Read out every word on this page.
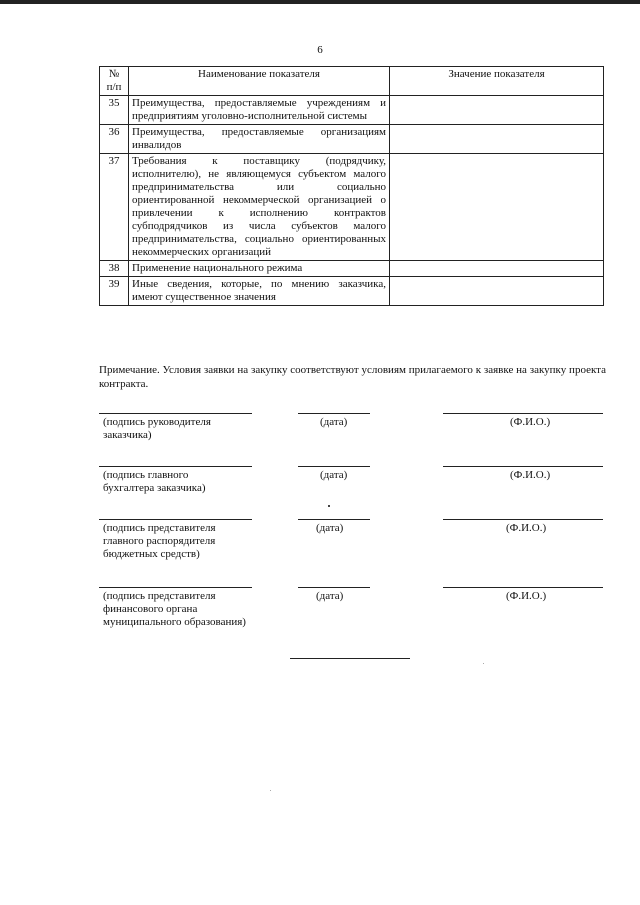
6
№ п/п	Наименование показателя	Значение показателя
35	Преимущества, предоставляемые учреждениям и предприятиям уголовно-исполнительной системы	
36	Преимущества, предоставляемые организациям инвалидов	
37	Требования к поставщику (подрядчику, исполнителю), не являющемуся субъектом малого предпринимательства или социально ориентированной некоммерческой организацией о привлечении к исполнению контрактов субподрядчиков из числа субъектов малого предпринимательства, социально ориентированных некоммерческих организаций	
38	Применение национального режима	
39	Иные сведения, которые, по мнению заказчика, имеют существенное значения	
Примечание. Условия заявки на закупку соответствуют условиям прилагаемого к заявке на закупку проекта контракта.
(подпись руководителя заказчика)
(дата)	(Ф.И.О.)
(подпись главного бухгалтера заказчика)
(дата)	(Ф.И.О.)
(подпись представителя главного распорядителя бюджетных средств)
(дата)	(Ф.И.О.)
(подпись представителя финансового органа муниципального образования)
(дата)	(Ф.И.О.)
